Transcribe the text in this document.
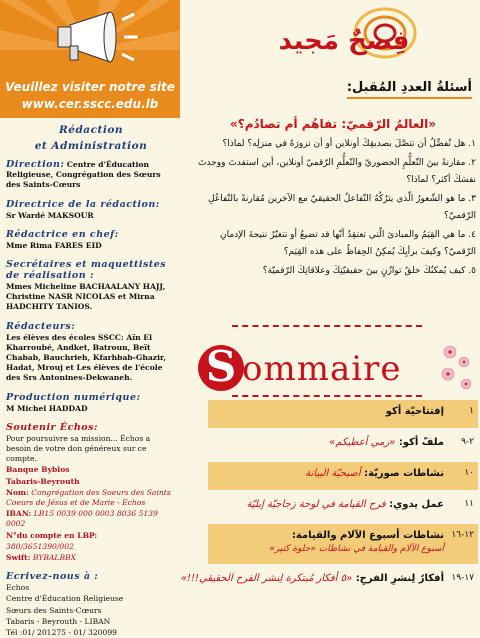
Veuillez visiter notre site
www.cer.sscc.edu.lb
Rédaction
et Administration
Direction: Centre d'Éducation Religieuse, Congrégation des Sœurs des Saints-Cœurs
Directrice de la rédaction:
Sr Wardé MAKSOUR
Rédactrice en chef:
Mme Rima FARES EID
Secrétaires et maquettistes de réalisation :
Mmes Micheline BACHAALANY HAJJ, Christine NASR NICOLAS et Mirna HADCHITY TANIOS.
Rédacteurs:
Les élèves des écoles SSCC: Aïn El Kharroubé, Andket, Batroun, Beït Chabab, Bauchrieh, Kfarhbab-Ghazir, Hadat, Mrouj et Les élèves de l'école des Srs Antonines-Dekwaneh.
Production numérique:
M Michel HADDAD
Soutenir Échos:
Pour poursuivre sa mission... Échos a besoin de votre don généreux sur ce compte.
Banque Byblos
Tabaris-Beyrouth
Nom: Congrégation des Soeurs des Saints Coeurs de Jésus et de Marie - Echos
IBAN: LB15 0039 000 0003 8036 5139 0002
N°du compte en LBP:
380/3651390/002
Swift: BYBALBBX
Ecrivez-nous à :
Echos
Centre d'Éducation Religieuse
Sœurs des Saints-Cœurs
Tabaris - Beyrouth - LIBAN
Tél :01/ 201275 - 01/ 320099
فِصحٌ مَجيد
أسئلةُ العددِ المُقبل:
«العالمُ الرّقميّ: تفاهُم أم تصادُم؟»
١. هل تُفضِّلُ أن تتصَّلَ بصديقِكَ أونلاين أو أن تزورَهُ في منزلِه؟ لماذا؟
٢. مقارنةً بينَ التّعلُّمِ الحضوريّ والتّعلُّمِ الرّقميّ أونلاين، أين استفدتَ ووجدتَ نفسَكَ أكثر؟ لماذا؟
٣. ما هو الشّعورُ الّذي يترُكُهُ التّفاعلُ الحقيقيّ مع الآخرين مُقارنةً بالتّفاعُلِ الرّقميّ؟
٤. ما هي القِيَمُ والمبادئ الّتي تعتقِدُ أنّها قد تضيعُ أو تتغيّرُ نتيجةَ الإدمانِ الرّقميّ؟ وكيفَ برأيِكَ يُمكِنُ الحِفاظُ على هذه القِيَم؟
٥. كيف يُمكنُكَ خلقُ توازُنٍ بينَ حقيقيّتِكَ وعلاقاتِكَ الرّقميّة؟
S ommaire
١
إفتتاحيّة أكو
٢-٩
ملفّ أكو: «رمي أعطيكم»
١٠
نشاطات صوريّة: أصبحيّة البيانة
١١
عمل يدوي: فرح القيامة في لوحة زجاجيّة إيليّة
١٢-١٦
نشاطات أسبوع الآلام والقيامة:
أسبوع الآلام والقيامة في نشاطات «حلوة كتير»
١٧-١٩
أفكارٌ لِنشرِ الفرحِ: «٥ أفكار مُبتكرة لِنشر الفرح الحقيقي!!!»
